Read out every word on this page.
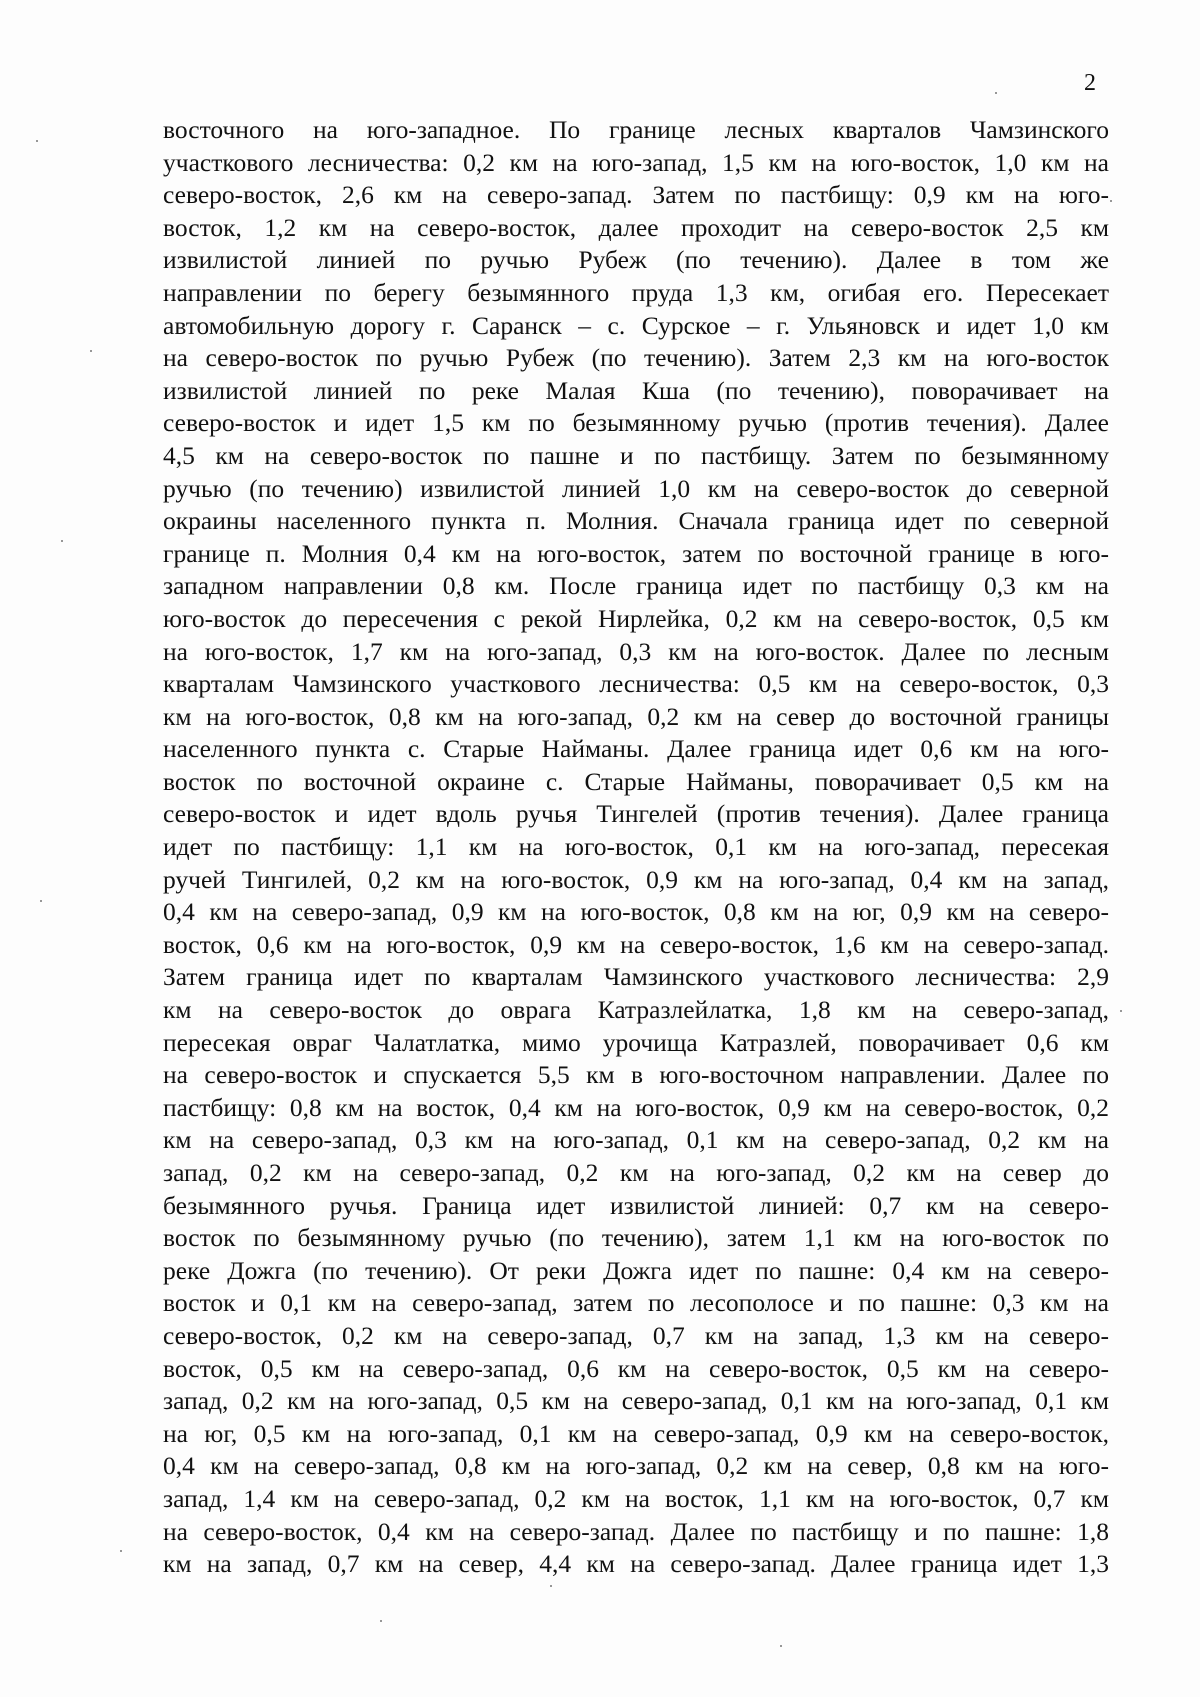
2
восточного на юго-западное. По границе лесных кварталов Чамзинского
участкового лесничества: 0,2 км на юго-запад, 1,5 км на юго-восток, 1,0 км на
северо-восток, 2,6 км на северо-запад. Затем по пастбищу: 0,9 км на юго-
восток, 1,2 км на северо-восток, далее проходит на северо-восток 2,5 км
извилистой линией по ручью Рубеж (по течению). Далее в том же
направлении по берегу безымянного пруда 1,3 км, огибая его. Пересекает
автомобильную дорогу г. Саранск – с. Сурское – г. Ульяновск и идет 1,0 км
на северо-восток по ручью Рубеж (по течению). Затем 2,3 км на юго-восток
извилистой линией по реке Малая Кша (по течению), поворачивает на
северо-восток и идет 1,5 км по безымянному ручью (против течения). Далее
4,5 км на северо-восток по пашне и по пастбищу. Затем по безымянному
ручью (по течению) извилистой линией 1,0 км на северо-восток до северной
окраины населенного пункта п. Молния. Сначала граница идет по северной
границе п. Молния 0,4 км на юго-восток, затем по восточной границе в юго-
западном направлении 0,8 км. После граница идет по пастбищу 0,3 км на
юго-восток до пересечения с рекой Нирлейка, 0,2 км на северо-восток, 0,5 км
на юго-восток, 1,7 км на юго-запад, 0,3 км на юго-восток. Далее по лесным
кварталам Чамзинского участкового лесничества: 0,5 км на северо-восток, 0,3
км на юго-восток, 0,8 км на юго-запад, 0,2 км на север до восточной границы
населенного пункта с. Старые Найманы. Далее граница идет 0,6 км на юго-
восток по восточной окраине с. Старые Найманы, поворачивает 0,5 км на
северо-восток и идет вдоль ручья Тингелей (против течения). Далее граница
идет по пастбищу: 1,1 км на юго-восток, 0,1 км на юго-запад, пересекая
ручей Тингилей, 0,2 км на юго-восток, 0,9 км на юго-запад, 0,4 км на запад,
0,4 км на северо-запад, 0,9 км на юго-восток, 0,8 км на юг, 0,9 км на северо-
восток, 0,6 км на юго-восток, 0,9 км на северо-восток, 1,6 км на северо-запад.
Затем граница идет по кварталам Чамзинского участкового лесничества: 2,9
км на северо-восток до оврага Катразлейлатка, 1,8 км на северо-запад,
пересекая овраг Чалатлатка, мимо урочища Катразлей, поворачивает 0,6 км
на северо-восток и спускается 5,5 км в юго-восточном направлении. Далее по
пастбищу: 0,8 км на восток, 0,4 км на юго-восток, 0,9 км на северо-восток, 0,2
км на северо-запад, 0,3 км на юго-запад, 0,1 км на северо-запад, 0,2 км на
запад, 0,2 км на северо-запад, 0,2 км на юго-запад, 0,2 км на север до
безымянного ручья. Граница идет извилистой линией: 0,7 км на северо-
восток по безымянному ручью (по течению), затем 1,1 км на юго-восток по
реке Дожга (по течению). От реки Дожга идет по пашне: 0,4 км на северо-
восток и 0,1 км на северо-запад, затем по лесополосе и по пашне: 0,3 км на
северо-восток, 0,2 км на северо-запад, 0,7 км на запад, 1,3 км на северо-
восток, 0,5 км на северо-запад, 0,6 км на северо-восток, 0,5 км на северо-
запад, 0,2 км на юго-запад, 0,5 км на северо-запад, 0,1 км на юго-запад, 0,1 км
на юг, 0,5 км на юго-запад, 0,1 км на северо-запад, 0,9 км на северо-восток,
0,4 км на северо-запад, 0,8 км на юго-запад, 0,2 км на север, 0,8 км на юго-
запад, 1,4 км на северо-запад, 0,2 км на восток, 1,1 км на юго-восток, 0,7 км
на северо-восток, 0,4 км на северо-запад. Далее по пастбищу и по пашне: 1,8
км на запад, 0,7 км на север, 4,4 км на северо-запад. Далее граница идет 1,3
